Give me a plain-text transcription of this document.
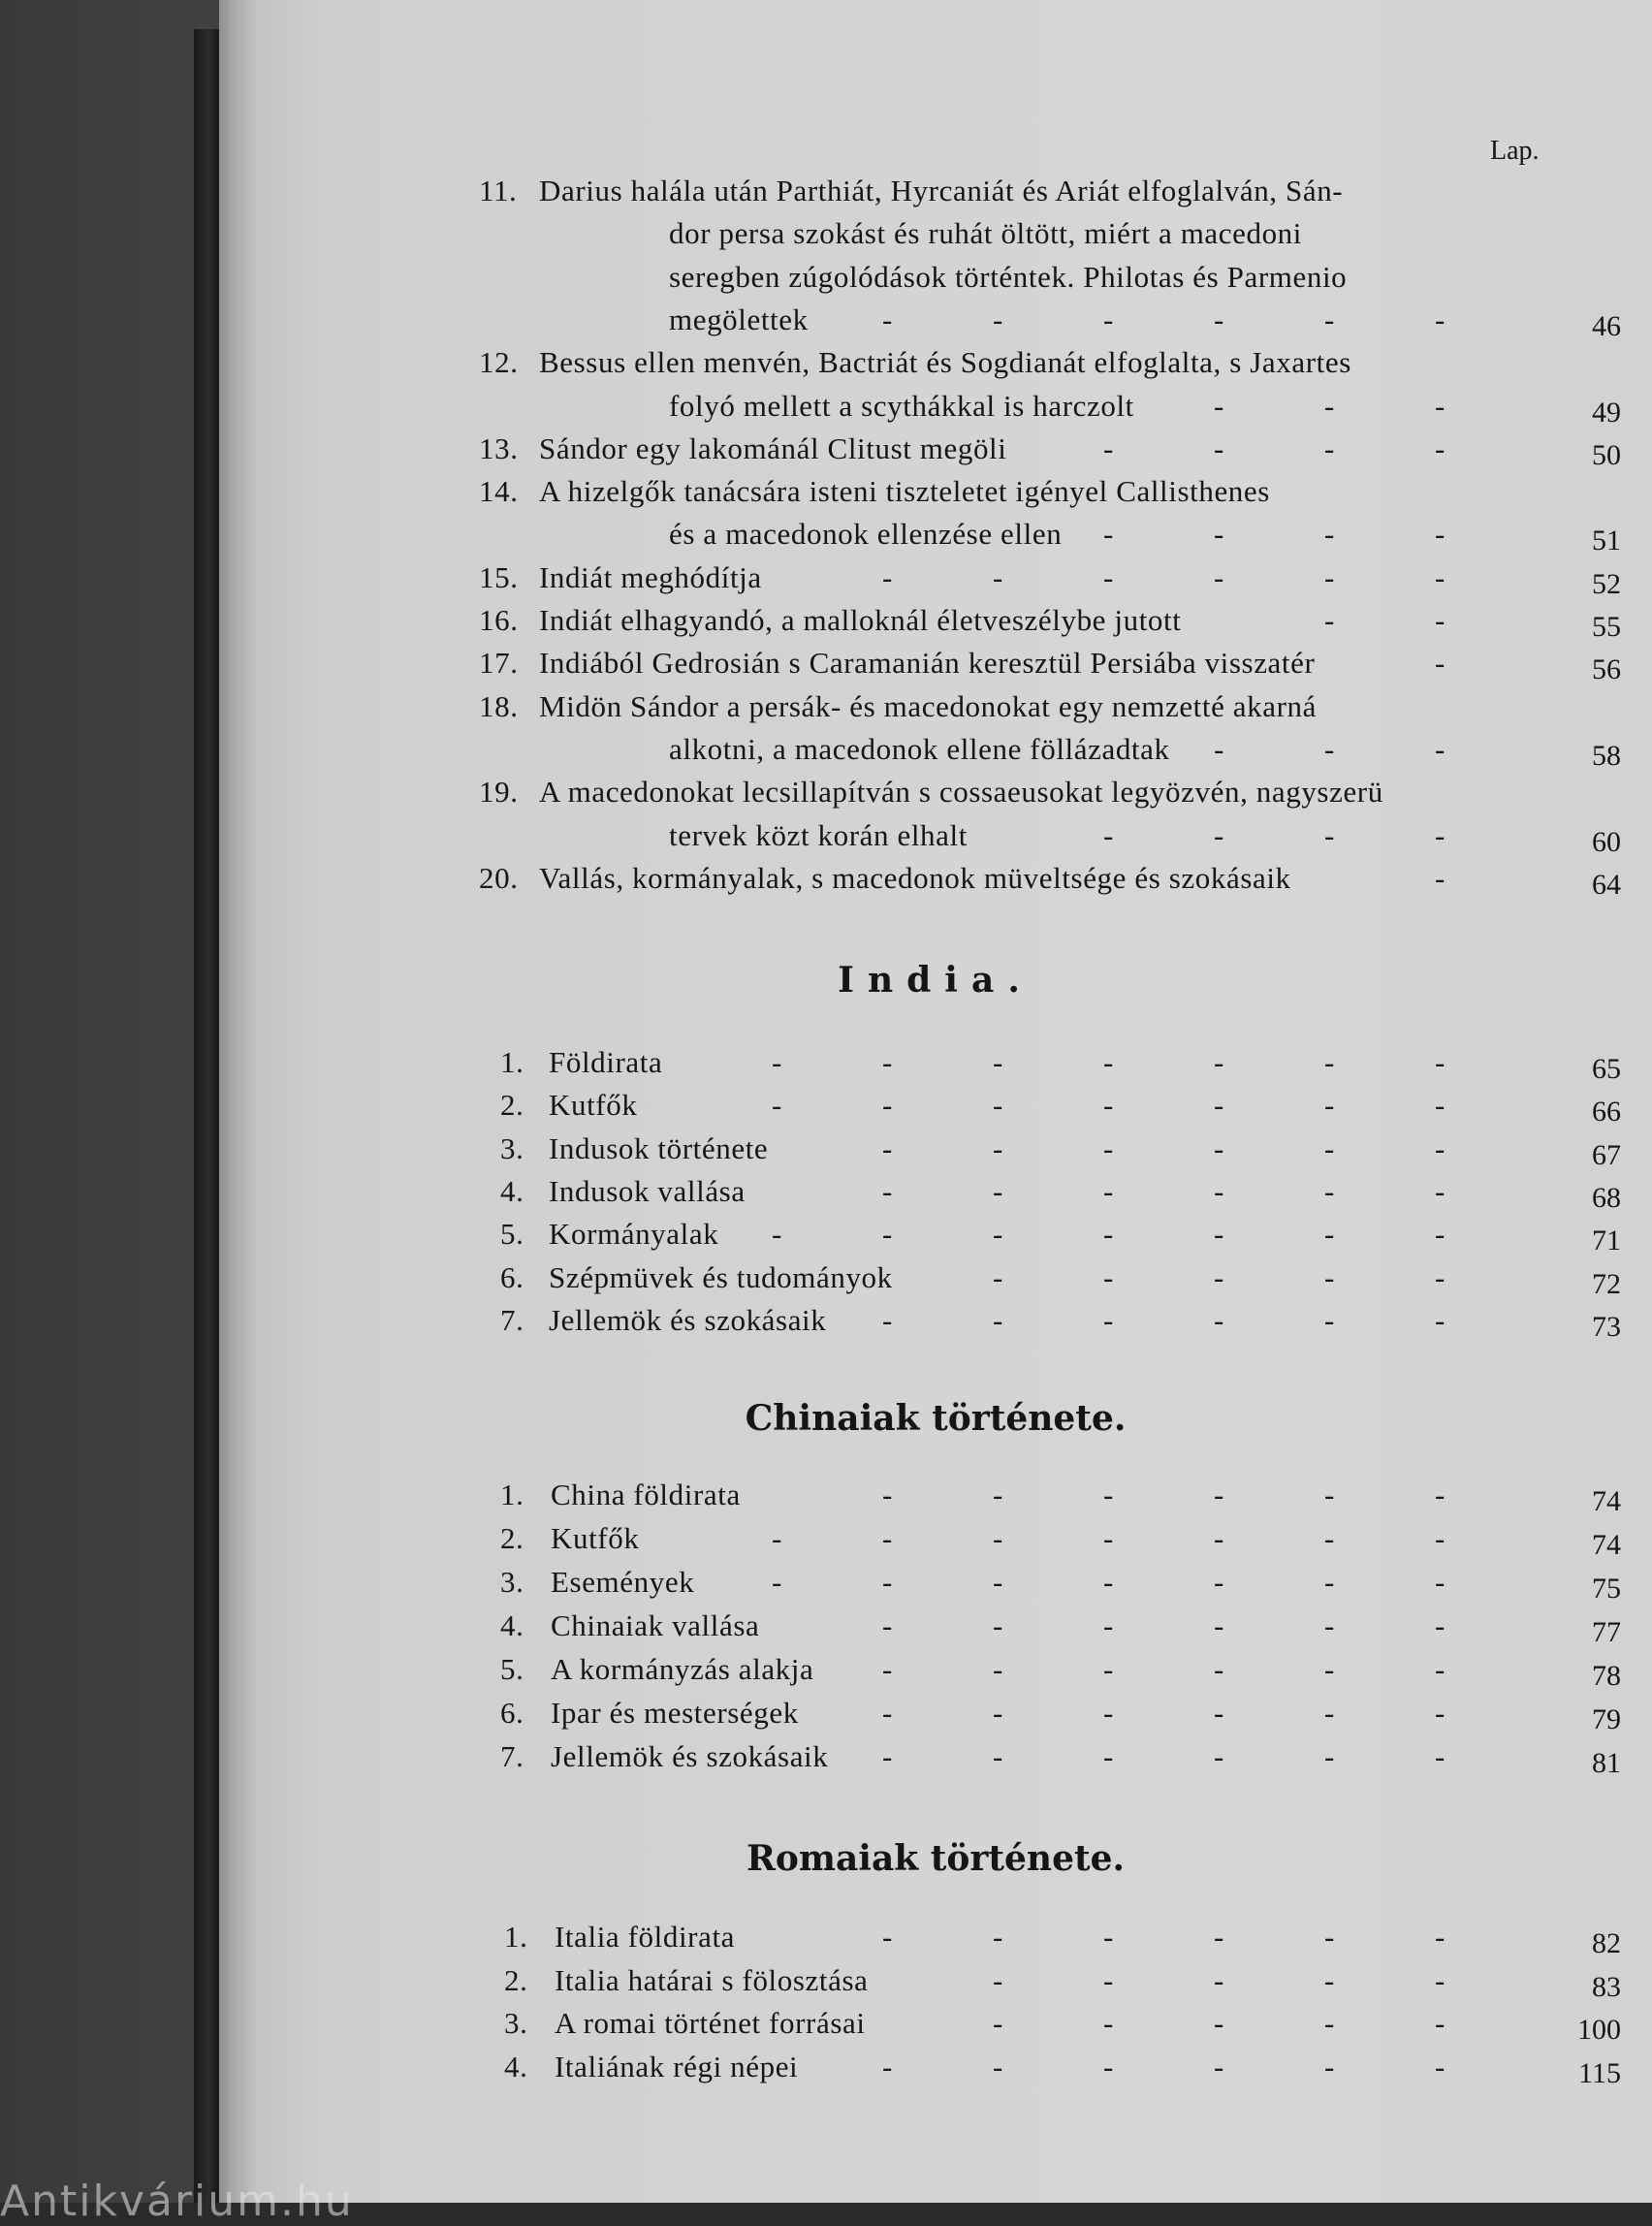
Lap.
11. Darius halála után Parthiát, Hyrcaniát és Ariát elfoglalván, Sán-
dor persa szokást és ruhát öltött, miért a macedoni
seregben zúgolódások történtek. Philotas és Parmenio
megölettek	-
-
-
-
-
-	46
12. Bessus ellen menvén, Bactriát és Sogdianát elfoglalta, s Jaxartes
folyó mellett a scythákkal is harczolt	-
-
-	49
13. Sándor egy lakománál Clitust megöli	-
-
-
-	50
14. A hizelgők tanácsára isteni tiszteletet igényel Callisthenes
és a macedonok ellenzése ellen	-
-
-
-	51
15. Indiát meghódítja	-
-
-
-
-
-	52
16. Indiát elhagyandó, a malloknál életveszélybe jutott	-
-	55
17. Indiából Gedrosián s Caramanián keresztül Persiába visszatér	-	56
18. Midön Sándor a persák- és macedonokat egy nemzetté akarná
alkotni, a macedonok ellene föllázadtak	-
-
-	58
19. A macedonokat lecsillapítván s cossaeusokat legyözvén, nagyszerü
tervek közt korán elhalt	-
-
-
-	60
20. Vallás, kormányalak, s macedonok müveltsége és szokásaik	-	64
India.
1. Földirata	-
-
-
-
-
-
-	65
2. Kutfők	-
-
-
-
-
-
-	66
3. Indusok története	-
-
-
-
-
-	67
4. Indusok vallása	-
-
-
-
-
-	68
5. Kormányalak	-
-
-
-
-
-
-	71
6. Szépmüvek és tudományok	-
-
-
-
-	72
7. Jellemök és szokásaik	-
-
-
-
-
-	73
Chinaiak története.
1. China földirata	-
-
-
-
-
-	74
2. Kutfők	-
-
-
-
-
-
-	74
3. Események	-
-
-
-
-
-
-	75
4. Chinaiak vallása	-
-
-
-
-
-	77
5. A kormányzás alakja	-
-
-
-
-
-	78
6. Ipar és mesterségek	-
-
-
-
-
-	79
7. Jellemök és szokásaik	-
-
-
-
-
-	81
Romaiak története.
1. Italia földirata	-
-
-
-
-
-	82
2. Italia határai s fölosztása	-
-
-
-
-	83
3. A romai történet forrásai	-
-
-
-
-	100
4. Italiának régi népei	-
-
-
-
-
-	115
Antikvárium.hu
